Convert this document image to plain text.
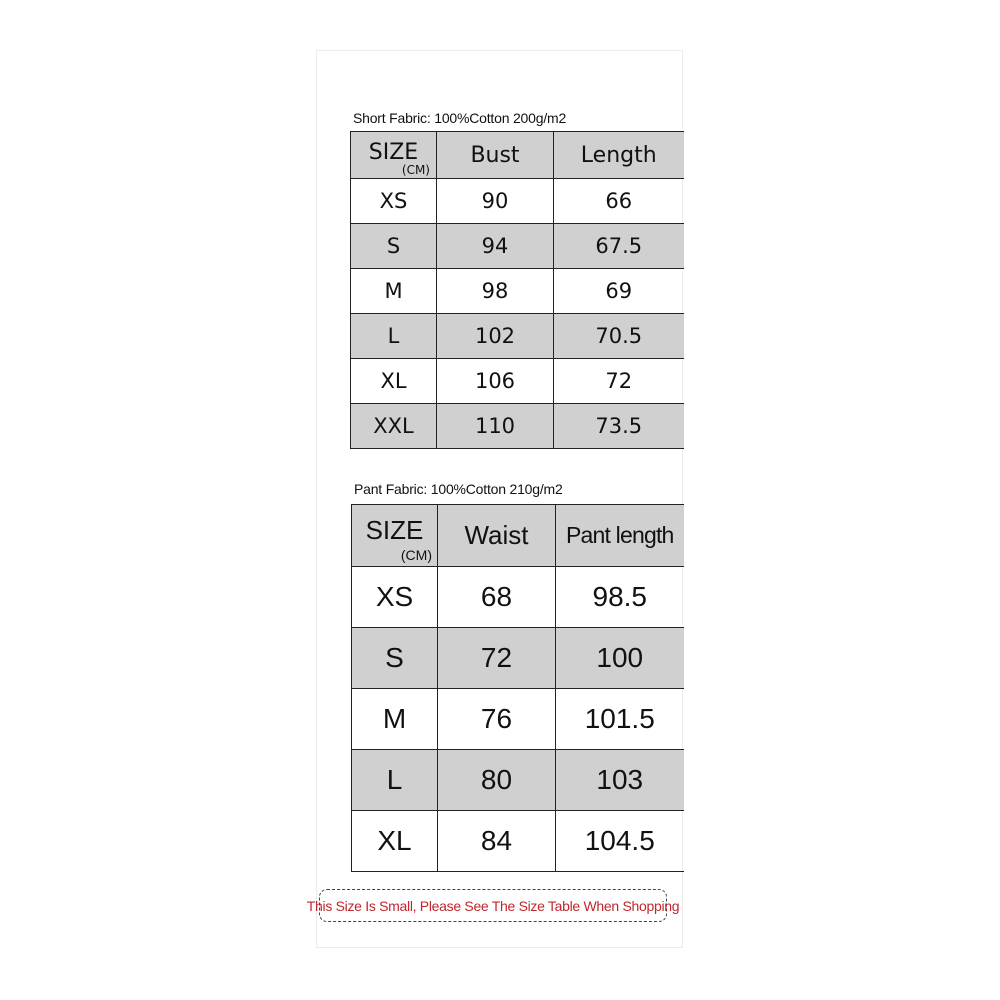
Short Fabric: 100%Cotton 200g/m2
SIZE
(CM)	Bust	Length
XS	90	66
S	94	67.5
M	98	69
L	102	70.5
XL	106	72
XXL	110	73.5
Pant Fabric: 100%Cotton 210g/m2
SIZE
(CM)	Waist	Pant length
XS	68	98.5
S	72	100
M	76	101.5
L	80	103
XL	84	104.5
This Size Is Small, Please See The Size Table When Shopping
